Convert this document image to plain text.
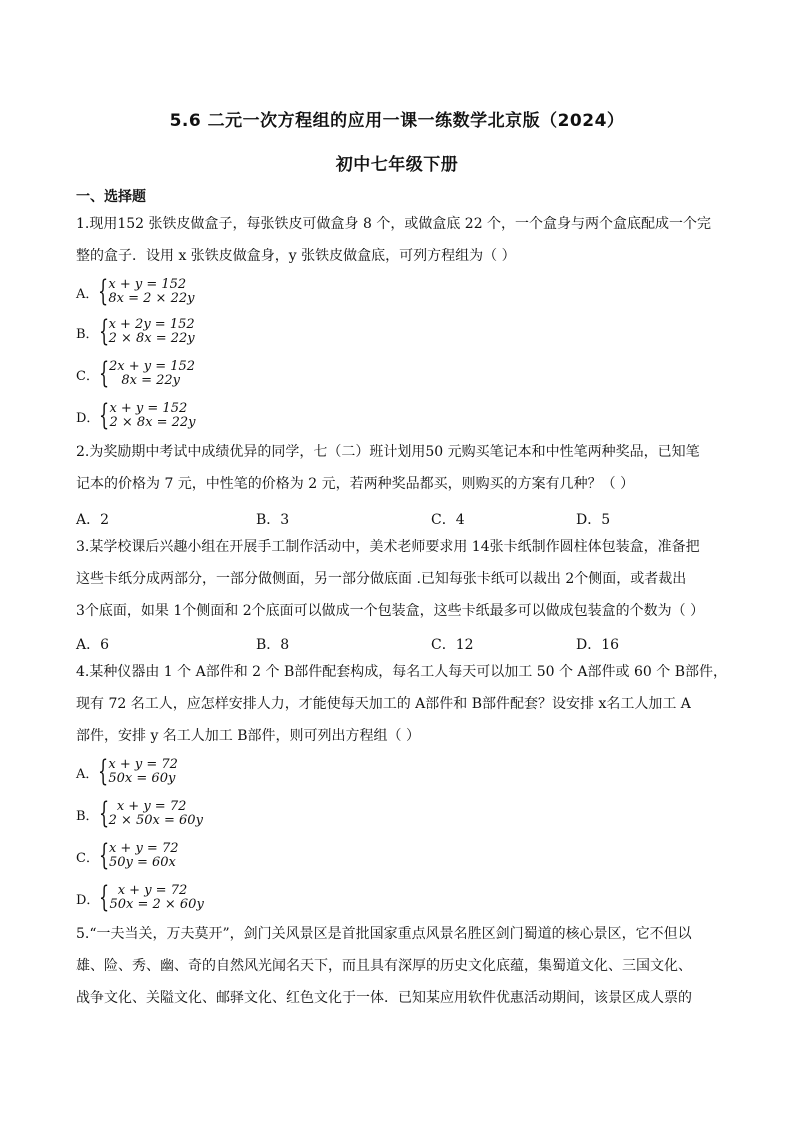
5.6 二元一次方程组的应用一课一练数学北京版（2024）
初中七年级下册
一、选择题
1.现用152 张铁皮做盒子，每张铁皮可做盒身 8 个，或做盒底 22 个，一个盒身与两个盒底配成一个完
整的盒子．设用 x 张铁皮做盒身，y 张铁皮做盒底，可列方程组为（ ）
A． { x + y = 152
8x = 2 × 22y
B． { x + 2y = 152
2 × 8x = 22y
C． { 2x + y = 152
8x = 22y
D． { x + y = 152
2 × 8x = 22y
2.为奖励期中考试中成绩优异的同学，七（二）班计划用50 元购买笔记本和中性笔两种奖品，已知笔
记本的价格为 7 元，中性笔的价格为 2 元，若两种奖品都买，则购买的方案有几种？（ ）
A．2	B．3	C．4	D．5
3.某学校课后兴趣小组在开展手工制作活动中，美术老师要求用 14张卡纸制作圆柱体包装盒，准备把
这些卡纸分成两部分，一部分做侧面，另一部分做底面 .已知每张卡纸可以裁出 2个侧面，或者裁出
3个底面，如果 1个侧面和 2个底面可以做成一个包装盒，这些卡纸最多可以做成包装盒的个数为（ ）
A．6	B．8	C．12	D．16
4.某种仪器由 1 个 A部件和 2 个 B部件配套构成，每名工人每天可以加工 50 个 A部件或 60 个 B部件，
现有 72 名工人，应怎样安排人力，才能使每天加工的 A部件和 B部件配套？设安排 x名工人加工 A
部件，安排 y 名工人加工 B部件，则可列出方程组（ ）
A． { x + y = 72
50x = 60y
B． { x + y = 72
2 × 50x = 60y
C． { x + y = 72
50y = 60x
D． { x + y = 72
50x = 2 × 60y
5.“一夫当关，万夫莫开”，剑门关风景区是首批国家重点风景名胜区剑门蜀道的核心景区，它不但以
雄、险、秀、幽、奇的自然风光闻名天下，而且具有深厚的历史文化底蕴，集蜀道文化、三国文化、
战争文化、关隘文化、邮驿文化、红色文化于一体．已知某应用软件优惠活动期间，该景区成人票的
